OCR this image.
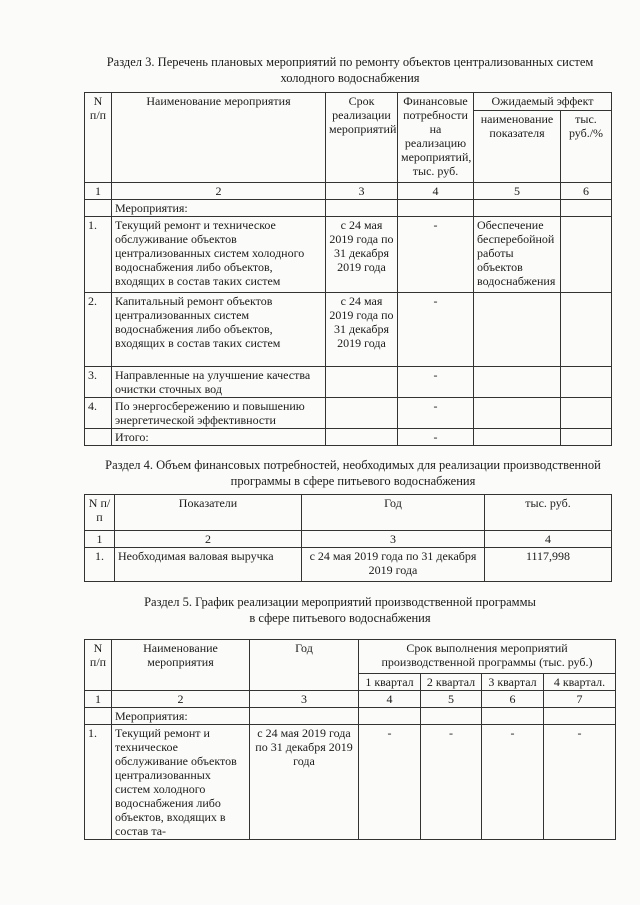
Раздел 3. Перечень плановых мероприятий по ремонту объектов централизованных систем
холодного водоснабжения
N п/п	Наименование мероприятия	Срок реализации мероприятий	Финансовые потребности на реализацию мероприятий, тыс. руб.	Ожидаемый эффект	
				наименование показателя	тыс. руб./%
1	2	3	4	5	6
	Мероприятия:				
1.	Текущий ремонт и техническое обслуживание объектов централизованных систем холодного водоснабжения либо объектов, входящих в состав таких систем	с 24 мая 2019 года по 31 декабря 2019 года	-	Обеспечение бесперебойной работы объектов водоснабжения	
2.	Капитальный ремонт объектов централизованных систем водоснабжения либо объектов, входящих в состав таких систем	с 24 мая 2019 года по 31 декабря 2019 года	-		
3.	Направленные на улучшение качества очистки сточных вод		-		
4.	По энергосбережению и повышению энергетической эффективности		-		
	Итого:		-		
Раздел 4. Объем финансовых потребностей, необходимых для реализации производственной
программы в сфере питьевого водоснабжения
N п/п	Показатели	Год	тыс. руб.
1	2	3	4
1.	Необходимая валовая выручка	с 24 мая 2019 года по 31 декабря 2019 года	1117,998
Раздел 5. График реализации мероприятий производственной программы
в сфере питьевого водоснабжения
N п/п	Наименование мероприятия	Год	Срок выполнения мероприятий производственной программы (тыс. руб.)			
			1 квартал	2 квартал	3 квартал	4 квартал.
1	2	3	4	5	6	7
	Мероприятия:					
1.	Текущий ремонт и техническое обслуживание объектов централизованных систем холодного водоснабжения либо объектов, входящих в состав та-	с 24 мая 2019 года по 31 декабря 2019 года	-	-	-	-
